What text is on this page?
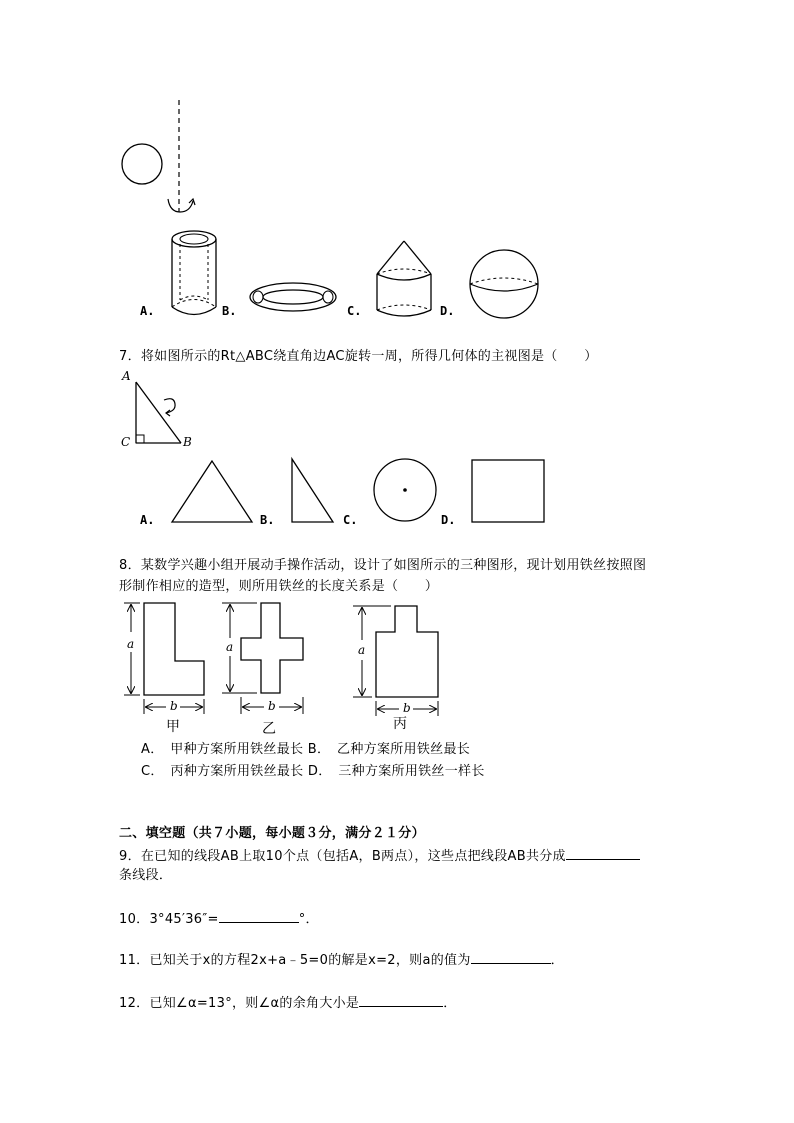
A.	B.	C.	D.
7．将如图所示的Rt△ABC绕直角边AC旋转一周，所得几何体的主视图是（　　）
A
C	B
A.	B.	C.	D.
8．某数学兴趣小组开展动手操作活动，设计了如图所示的三种图形，现计划用铁丝按照图
形制作相应的造型，则所用铁丝的长度关系是（　　）
a
b
a
b
a
b
甲	乙	丙
A．　甲种方案所用铁丝最长 B．　乙种方案所用铁丝最长
C．　丙种方案所用铁丝最长 D．　三种方案所用铁丝一样长
二、填空题（共７小题，每小题３分，满分２１分）
9．在已知的线段AB上取10个点（包括A，B两点），这些点把线段AB共分成
条线段．
10．3°45′36″=	°．
11．已知关于x的方程2x+a﹣5=0的解是x=2，则a的值为	．
12．已知∠α=13°，则∠α的余角大小是	．
